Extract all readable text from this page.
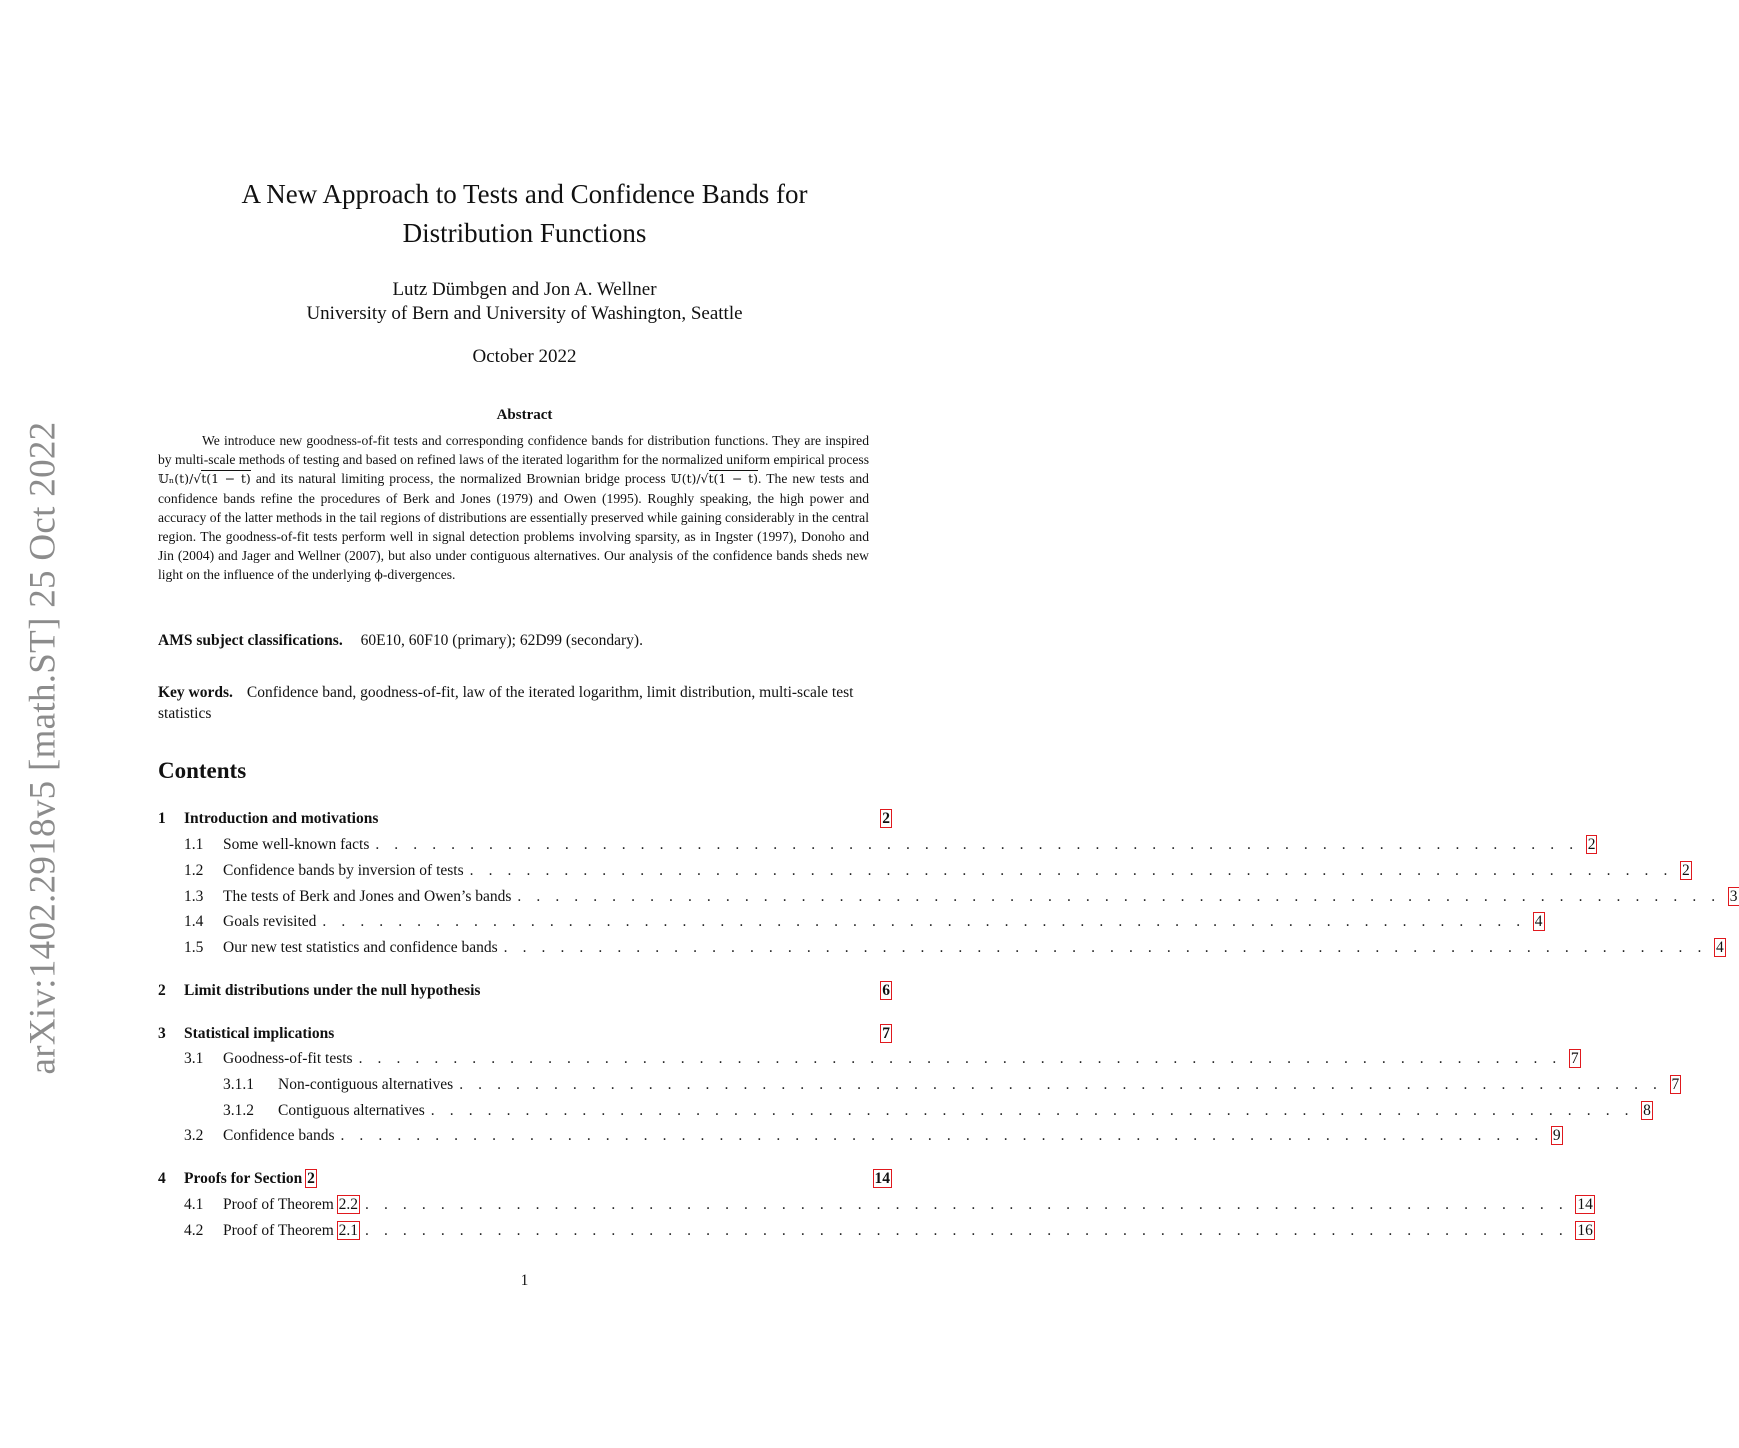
arXiv:1402.2918v5 [math.ST] 25 Oct 2022
A New Approach to Tests and Confidence Bands for
Distribution Functions
Lutz Dümbgen and Jon A. Wellner
University of Bern and University of Washington, Seattle
October 2022
Abstract

We introduce new goodness-of-fit tests and corresponding confidence bands for distribution functions. They are inspired by multi-scale methods of testing and based on refined laws of the iterated logarithm for the normalized uniform empirical process 𝕌ₙ(t)/√t(1 − t) and its natural limiting process, the normalized Brownian bridge process 𝕌(t)/√t(1 − t). The new tests and confidence bands refine the procedures of Berk and Jones (1979) and Owen (1995). Roughly speaking, the high power and accuracy of the latter methods in the tail regions of distributions are essentially preserved while gaining considerably in the central region. The goodness-of-fit tests perform well in signal detection problems involving sparsity, as in Ingster (1997), Donoho and Jin (2004) and Jager and Wellner (2007), but also under contiguous alternatives. Our analysis of the confidence bands sheds new light on the influence of the underlying ϕ-divergences.

AMS subject classifications. 60E10, 60F10 (primary); 62D99 (secondary).
Key words. Confidence band, goodness-of-fit, law of the iterated logarithm, limit distribution, multi-scale test statistics
Contents
1	Introduction and motivations	2
1.1	Some well-known facts . . . . . . . . . . . . . . . . . . . . . . . . . . . . . . . . . . . . . . . . . . . . . . . . . . . . . . . . . . . . . . . . 2
1.2	Confidence bands by inversion of tests . . . . . . . . . . . . . . . . . . . . . . . . . . . . . . . . . . . . . . . . . . . . . . . . . . . . . . . . . . . . . . . . 2
1.3	The tests of Berk and Jones and Owen’s bands . . . . . . . . . . . . . . . . . . . . . . . . . . . . . . . . . . . . . . . . . . . . . . . . . . . . . . . . . . . . . . . . 3
1.4	Goals revisited . . . . . . . . . . . . . . . . . . . . . . . . . . . . . . . . . . . . . . . . . . . . . . . . . . . . . . . . . . . . . . . . 4
1.5	Our new test statistics and confidence bands . . . . . . . . . . . . . . . . . . . . . . . . . . . . . . . . . . . . . . . . . . . . . . . . . . . . . . . . . . . . . . . . 4
2	Limit distributions under the null hypothesis	6
3	Statistical implications	7
3.1	Goodness-of-fit tests . . . . . . . . . . . . . . . . . . . . . . . . . . . . . . . . . . . . . . . . . . . . . . . . . . . . . . . . . . . . . . . . 7
3.1.1	Non-contiguous alternatives . . . . . . . . . . . . . . . . . . . . . . . . . . . . . . . . . . . . . . . . . . . . . . . . . . . . . . . . . . . . . . . . 7
3.1.2	Contiguous alternatives . . . . . . . . . . . . . . . . . . . . . . . . . . . . . . . . . . . . . . . . . . . . . . . . . . . . . . . . . . . . . . . . 8
3.2	Confidence bands . . . . . . . . . . . . . . . . . . . . . . . . . . . . . . . . . . . . . . . . . . . . . . . . . . . . . . . . . . . . . . . . 9
4	Proofs for Section 2	14
4.1	Proof of Theorem 2.2 . . . . . . . . . . . . . . . . . . . . . . . . . . . . . . . . . . . . . . . . . . . . . . . . . . . . . . . . . . . . . . . . 14
4.2	Proof of Theorem 2.1 . . . . . . . . . . . . . . . . . . . . . . . . . . . . . . . . . . . . . . . . . . . . . . . . . . . . . . . . . . . . . . . . 16
1
